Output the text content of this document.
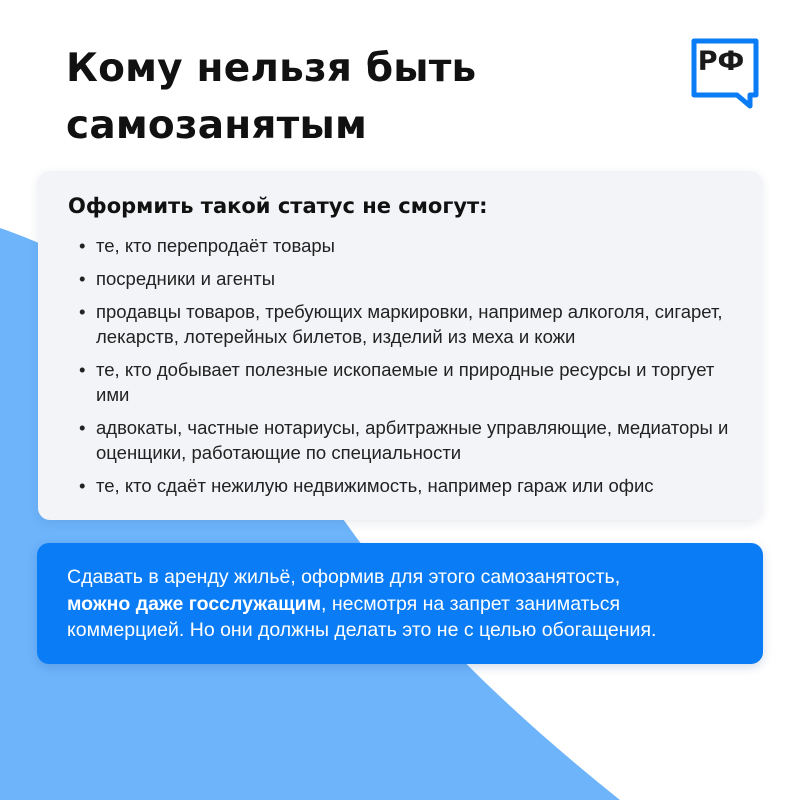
Кому нельзя быть
самозанятым
РФ
Оформить такой статус не смогут:
• те, кто перепродаёт товары
• посредники и агенты
• продавцы товаров, требующих маркировки, например алкоголя, сигарет, лекарств, лотерейных билетов, изделий из меха и кожи
• те, кто добывает полезные ископаемые и природные ресурсы и торгует ими
• адвокаты, частные нотариусы, арбитражные управляющие, медиаторы и оценщики, работающие по специальности
• те, кто сдаёт нежилую недвижимость, например гараж или офис

Сдавать в аренду жильё, оформив для этого самозанятость,
можно даже госслужащим, несмотря на запрет заниматься коммерцией. Но они должны делать это не с целью обогащения.
